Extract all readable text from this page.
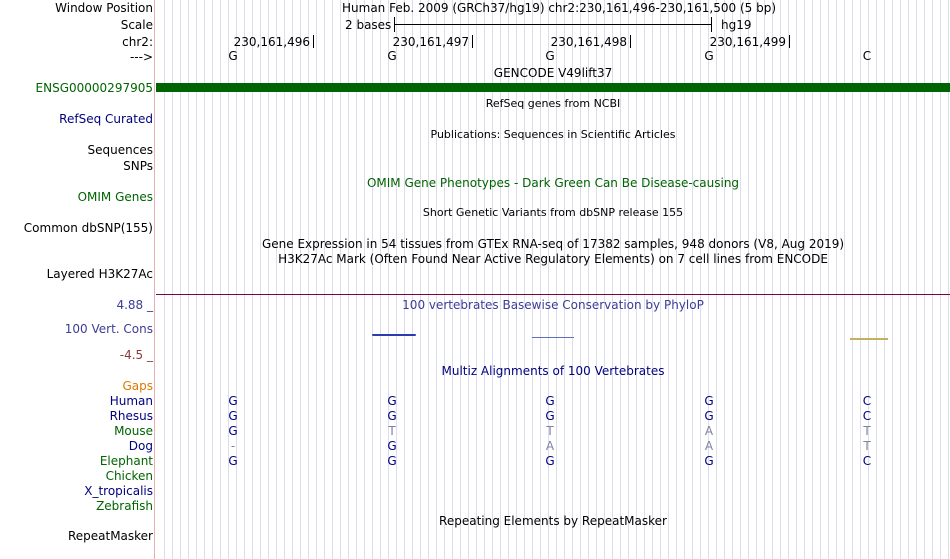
Window Position	Human Feb. 2009 (GRCh37/hg19) chr2:230,161,496-230,161,500 (5 bp)
Scale	2 bases	hg19
chr2:	230,161,496	230,161,497	230,161,498	230,161,499
--->	G	G	G	G	C
GENCODE V49lift37
ENSG00000297905
RefSeq genes from NCBI
RefSeq Curated
Publications: Sequences in Scientific Articles
Sequences
SNPs
OMIM Gene Phenotypes - Dark Green Can Be Disease-causing
OMIM Genes
Short Genetic Variants from dbSNP release 155
Common dbSNP(155)
Gene Expression in 54 tissues from GTEx RNA-seq of 17382 samples, 948 donors (V8, Aug 2019)
H3K27Ac Mark (Often Found Near Active Regulatory Elements) on 7 cell lines from ENCODE
Layered H3K27Ac
100 vertebrates Basewise Conservation by PhyloP
4.88 _
100 Vert. Cons
-4.5 _
Multiz Alignments of 100 Vertebrates
Gaps
Human	G	G	G	G	C
Rhesus	G	G	G	G	C
Mouse	G	T	T	A	T
Dog	-	G	A	A	T
Elephant	G	G	G	G	C
Chicken
X_tropicalis
Zebrafish
Repeating Elements by RepeatMasker
RepeatMasker
